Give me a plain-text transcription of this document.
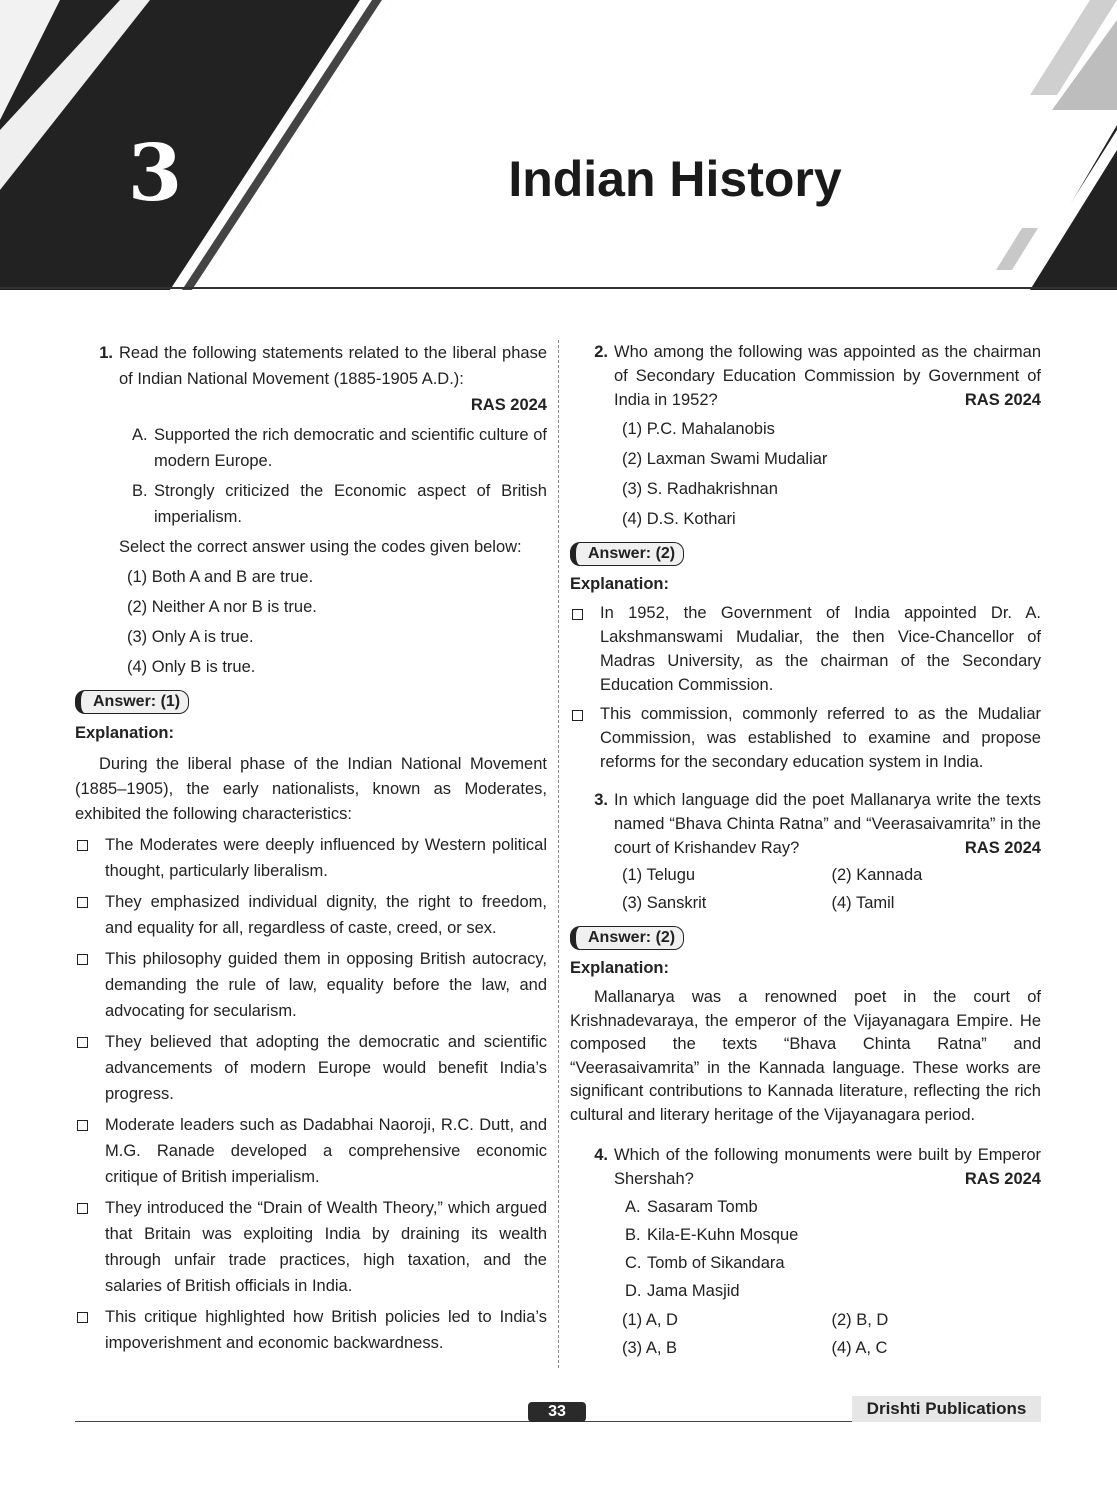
3	Indian History
1. Read the following statements related to the liberal phase of Indian National Movement (1885-1905 A.D.):

RAS 2024
A. Supported the rich democratic and scientific culture of modern Europe.
B. Strongly criticized the Economic aspect of British imperialism.
Select the correct answer using the codes given below:
(1) Both A and B are true.
(2) Neither A nor B is true.
(3) Only A is true.
(4) Only B is true.
Answer: (1)
Explanation:
During the liberal phase of the Indian National Movement (1885–1905), the early nationalists, known as Moderates, exhibited the following characteristics:
The Moderates were deeply influenced by Western political thought, particularly liberalism.
They emphasized individual dignity, the right to freedom, and equality for all, regardless of caste, creed, or sex.
This philosophy guided them in opposing British autocracy, demanding the rule of law, equality before the law, and advocating for secularism.
They believed that adopting the democratic and scientific advancements of modern Europe would benefit India’s progress.
Moderate leaders such as Dadabhai Naoroji, R.C. Dutt, and M.G. Ranade developed a comprehensive economic critique of British imperialism.
They introduced the “Drain of Wealth Theory,” which argued that Britain was exploiting India by draining its wealth through unfair trade practices, high taxation, and the salaries of British officials in India.
This critique highlighted how British policies led to India’s impoverishment and economic backwardness.
2. Who among the following was appointed as the chairman of Secondary Education Commission by Government of India in 1952?	RAS 2024
(1) P.C. Mahalanobis
(2) Laxman Swami Mudaliar
(3) S. Radhakrishnan
(4) D.S. Kothari
Answer: (2)
Explanation:
In 1952, the Government of India appointed Dr. A. Lakshmanswami Mudaliar, the then Vice-Chancellor of Madras University, as the chairman of the Secondary Education Commission.
This commission, commonly referred to as the Mudaliar Commission, was established to examine and propose reforms for the secondary education system in India.
3. In which language did the poet Mallanarya write the texts named “Bhava Chinta Ratna” and “Veerasaivamrita” in the court of Krishandev Ray?	RAS 2024
(1) Telugu	(2) Kannada
(3) Sanskrit	(4) Tamil
Answer: (2)
Explanation:
Mallanarya was a renowned poet in the court of Krishnadevaraya, the emperor of the Vijayanagara Empire. He composed the texts “Bhava Chinta Ratna” and “Veerasaivamrita” in the Kannada language. These works are significant contributions to Kannada literature, reflecting the rich cultural and literary heritage of the Vijayanagara period.
4. Which of the following monuments were built by Emperor Shershah?	RAS 2024
A. Sasaram Tomb
B. Kila-E-Kuhn Mosque
C. Tomb of Sikandara
D. Jama Masjid
(1) A, D	(2) B, D
(3) A, B	(4) A, C
33	Drishti Publications
